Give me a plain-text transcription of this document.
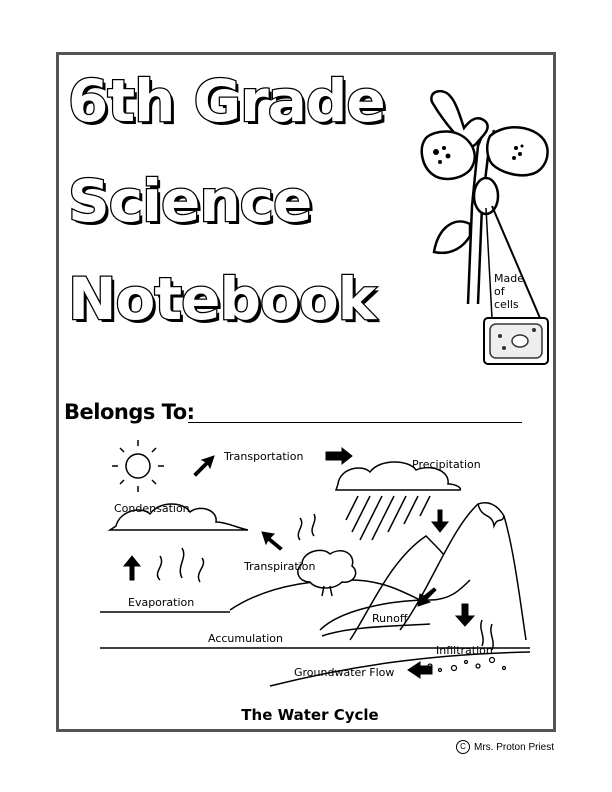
6th Grade
Science
Notebook	Made
of
cells
Belongs To:
Transportation
Precipitation
Condensation
Transpiration
Evaporation
Accumulation
Runoff
Infiltration
Groundwater Flow
The Water Cycle
C Mrs. Proton Priest
